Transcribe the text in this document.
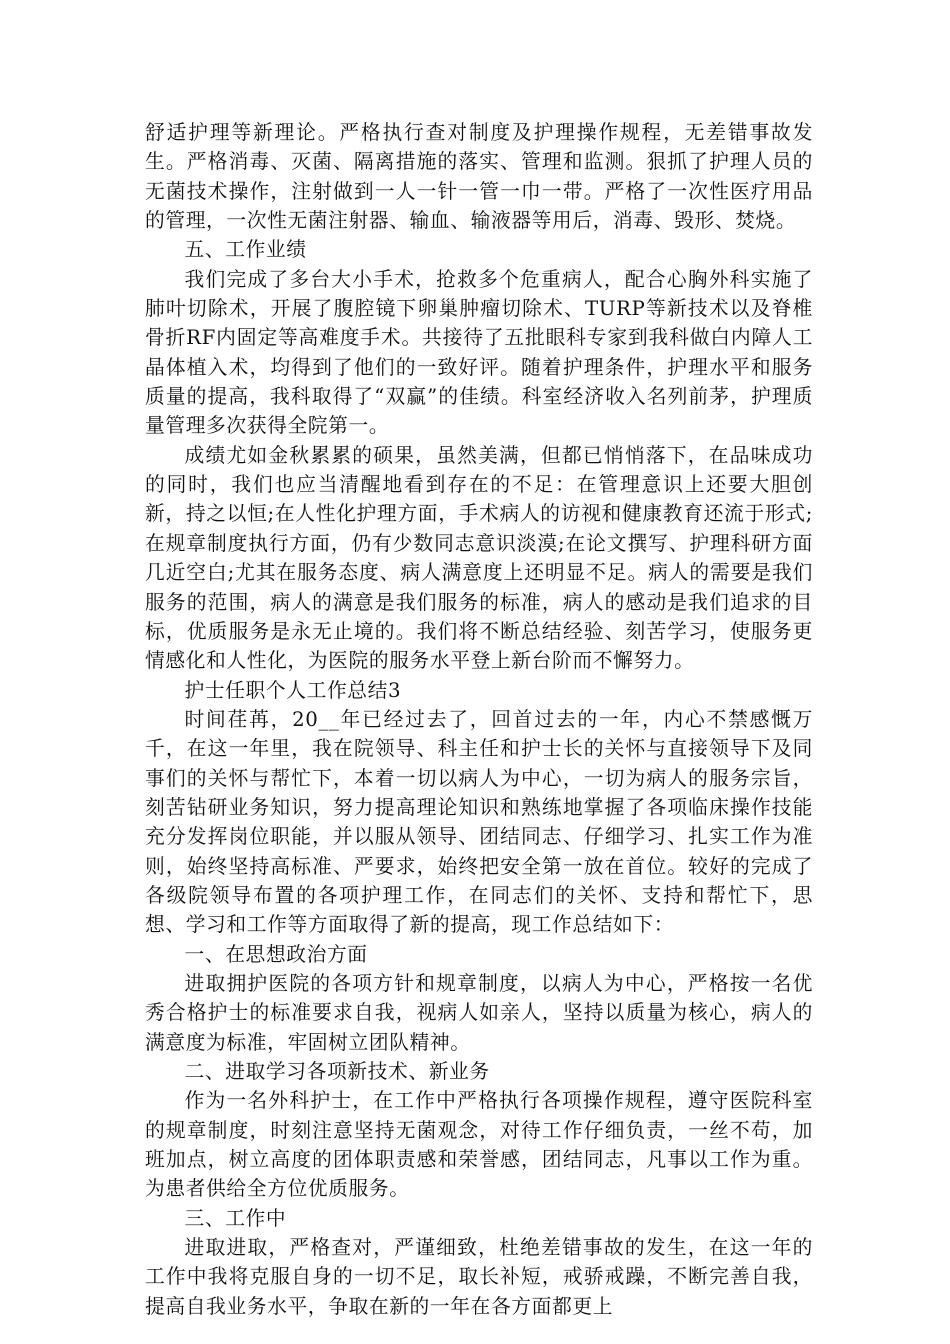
舒适护理等新理论。严格执行查对制度及护理操作规程，无差错事故发生。严格消毒、灭菌、隔离措施的落实、管理和监测。狠抓了护理人员的无菌技术操作，注射做到一人一针一管一巾一带。严格了一次性医疗用品的管理，一次性无菌注射器、输血、输液器等用后，消毒、毁形、焚烧。

五、工作业绩

我们完成了多台大小手术，抢救多个危重病人，配合心胸外科实施了肺叶切除术，开展了腹腔镜下卵巢肿瘤切除术、TURP等新技术以及脊椎骨折RF内固定等高难度手术。共接待了五批眼科专家到我科做白内障人工晶体植入术，均得到了他们的一致好评。随着护理条件，护理水平和服务质量的提高，我科取得了“双赢”的佳绩。科室经济收入名列前茅，护理质量管理多次获得全院第一。

成绩尤如金秋累累的硕果，虽然美满，但都已悄悄落下，在品味成功的同时，我们也应当清醒地看到存在的不足：在管理意识上还要大胆创新，持之以恒;在人性化护理方面，手术病人的访视和健康教育还流于形式;在规章制度执行方面，仍有少数同志意识淡漠;在论文撰写、护理科研方面几近空白;尤其在服务态度、病人满意度上还明显不足。病人的需要是我们服务的范围，病人的满意是我们服务的标准，病人的感动是我们追求的目标，优质服务是永无止境的。我们将不断总结经验、刻苦学习，使服务更情感化和人性化，为医院的服务水平登上新台阶而不懈努力。

护士任职个人工作总结3

时间荏苒，20__年已经过去了，回首过去的一年，内心不禁感慨万千，在这一年里，我在院领导、科主任和护士长的关怀与直接领导下及同事们的关怀与帮忙下，本着一切以病人为中心，一切为病人的服务宗旨，刻苦钻研业务知识，努力提高理论知识和熟练地掌握了各项临床操作技能充分发挥岗位职能，并以服从领导、团结同志、仔细学习、扎实工作为准则，始终坚持高标准、严要求，始终把安全第一放在首位。较好的完成了各级院领导布置的各项护理工作，在同志们的关怀、支持和帮忙下，思想、学习和工作等方面取得了新的提高，现工作总结如下：

一、在思想政治方面

进取拥护医院的各项方针和规章制度，以病人为中心，严格按一名优秀合格护士的标准要求自我，视病人如亲人，坚持以质量为核心，病人的满意度为标准，牢固树立团队精神。

二、进取学习各项新技术、新业务

作为一名外科护士，在工作中严格执行各项操作规程，遵守医院科室的规章制度，时刻注意坚持无菌观念，对待工作仔细负责，一丝不苟，加班加点，树立高度的团体职责感和荣誉感，团结同志，凡事以工作为重。为患者供给全方位优质服务。

三、工作中

进取进取，严格查对，严谨细致，杜绝差错事故的发生，在这一年的工作中我将克服自身的一切不足，取长补短，戒骄戒躁，不断完善自我，提高自我业务水平，争取在新的一年在各方面都更上
